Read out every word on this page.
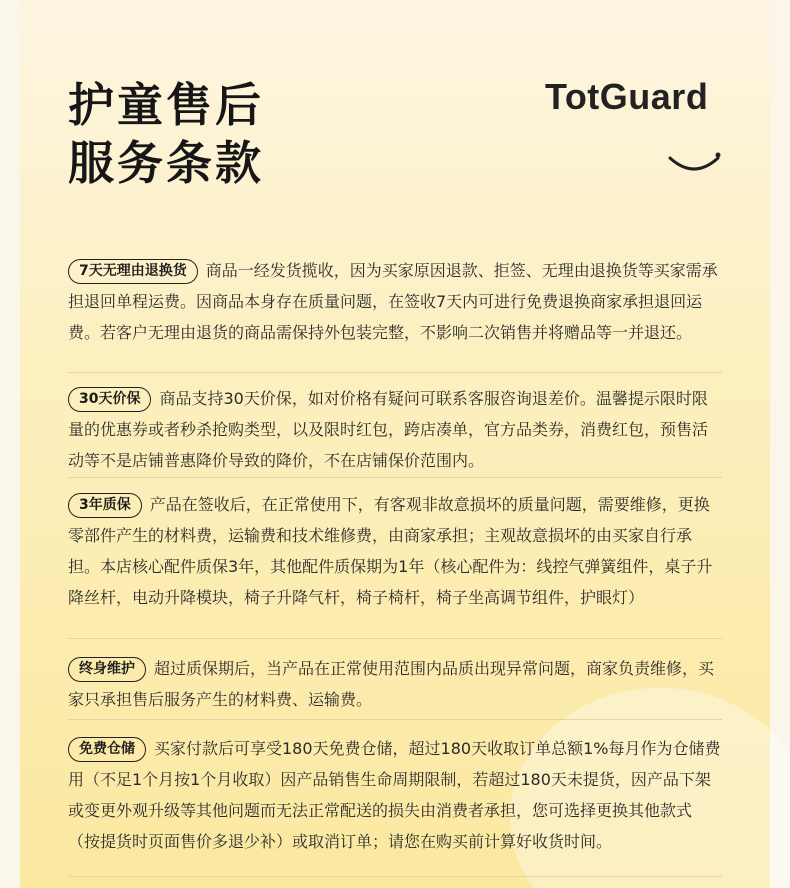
护童售后
服务条款
TotGuard
7天无理由退换货 商品一经发货揽收，因为买家原因退款、拒签、无理由退换货等买家需承担退回单程运费。因商品本身存在质量问题，在签收7天内可进行免费退换商家承担退回运费。若客户无理由退货的商品需保持外包装完整，不影响二次销售并将赠品等一并退还。
30天价保 商品支持30天价保，如对价格有疑问可联系客服咨询退差价。温馨提示限时限量的优惠券或者秒杀抢购类型，以及限时红包，跨店凑单，官方品类券，消费红包，预售活动等不是店铺普惠降价导致的降价，不在店铺保价范围内。
3年质保 产品在签收后，在正常使用下，有客观非故意损坏的质量问题，需要维修，更换零部件产生的材料费，运输费和技术维修费，由商家承担；主观故意损坏的由买家自行承担。本店核心配件质保3年，其他配件质保期为1年（核心配件为：线控气弹簧组件，桌子升降丝杆，电动升降模块，椅子升降气杆，椅子椅杆，椅子坐高调节组件，护眼灯）
终身维护 超过质保期后，当产品在正常使用范围内品质出现异常问题，商家负责维修，买家只承担售后服务产生的材料费、运输费。
免费仓储 买家付款后可享受180天免费仓储，超过180天收取订单总额1%每月作为仓储费用（不足1个月按1个月收取）因产品销售生命周期限制，若超过180天未提货，因产品下架或变更外观升级等其他问题而无法正常配送的损失由消费者承担，您可选择更换其他款式（按提货时页面售价多退少补）或取消订单；请您在购买前计算好收货时间。
